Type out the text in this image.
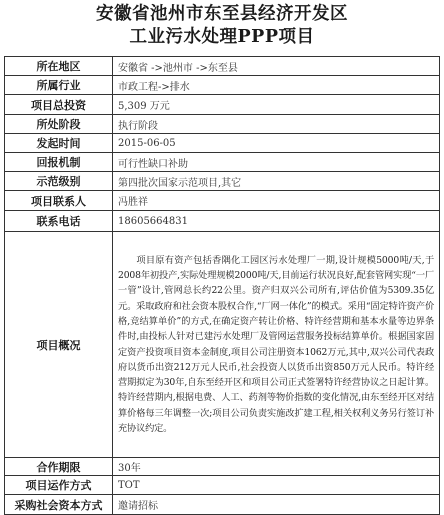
安徽省池州市东至县经济开发区
工业污水处理PPP项目
所在地区	安徽省 ->池州市 ->东至县
所属行业	市政工程->排水
项目总投资	5,309 万元
所处阶段	执行阶段
发起时间	2015-06-05
回报机制	可行性缺口补助
示范级别	第四批次国家示范项目,其它
项目联系人	冯胜祥
联系电话	18605664831
项目概况	项目原有资产包括香隅化工园区污水处理厂一期,设计规模5000吨/天,于2008年初投产,实际处理规模2000吨/天,目前运行状况良好,配套管网实现“一厂一管”设计,管网总长约22公里。资产归双兴公司所有,评估价值为5309.35亿元。采取政府和社会资本股权合作,“厂网一体化”的模式。采用“固定特许资产价格,竞结算单价”的方式,在确定资产转让价格、特许经营期和基本水量等边界条件时,由投标人针对已建污水处理厂及管网运营服务投标结算单价。根据国家固定资产投资项目资本金制度,项目公司注册资本1062万元,其中,双兴公司代表政府以货币出资212万元人民币,社会投资人以货币出资850万元人民币。特许经营期拟定为30年,自东至经开区和项目公司正式签署特许经营协议之日起计算。特许经营期内,根据电费、人工、药剂等物价指数的变化情况,由东至经开区对结算价格每三年调整一次;项目公司负责实施改扩建工程,相关权利义务另行签订补充协议约定。

合作期限	30年
项目运作方式	TOT
采购社会资本方式	邀请招标
